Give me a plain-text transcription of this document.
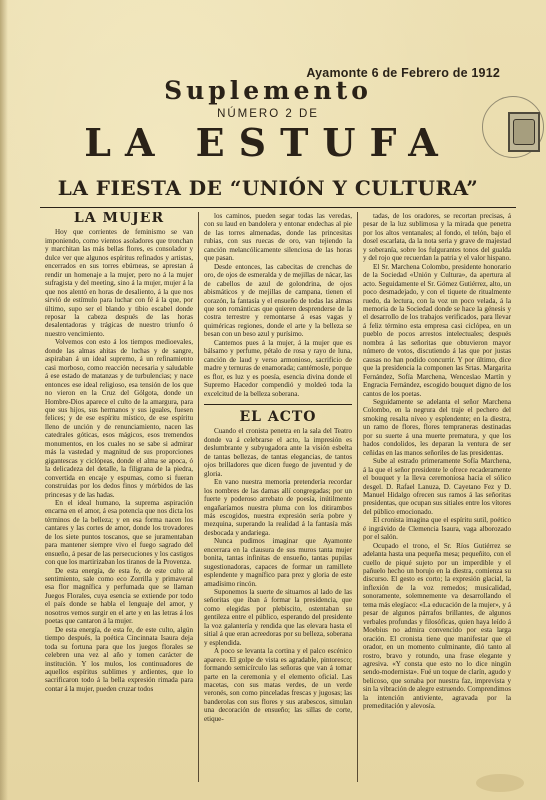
Ayamonte 6 de Febrero de 1912
Suplemento
NÚMERO 2 DE
LA ESTUFA
LA FIESTA DE “UNIÓN Y CULTURA”
LA MUJER

Hoy que corrientes de feminismo se van imponiendo, como vientos asoladores que tronchan y marchitan las más bellas flores, es consolador y dulce ver que algunos espíritus refinados y artistas, encerrados en sus torres ebúrneas, se aprestan á rendir un homenaje a la mujer, pero no á la mujer sufragista y del meeting, sino á la mujer, mujer á la que nos alentó en horas de desaliento, á la que nos sirvió de estímulo para luchar con fé á la que, por último, supo ser el blando y tibio escabel donde reposar la cabeza después de las horas desalentadoras y trágicas de nuestro triunfo ó nuestro vencimiento.

Volvemos con esto á los tiempos medioevales, donde las almas ahitas de luchas y de sangre, aspiraban á un ideal supremo, á un refinamiento casi morboso, como reacción necesaria y saludable á ese estado de matanzas y de turbulencias; y nace entonces ese ideal religioso, esa tensión de los que no vieron en la Cruz del Gólgota, donde un Hombre-Dios aparece el culto de la amargura, para que sus hijos, sus hermanos y sus iguales, fuesen felices; y de ese espíritu místico, de ese espíritu lleno de unción y de renunciamiento, nacen las catedrales góticas, esos mágicos, esos tremendos monumentos, en los cuales no se sabe si admirar más la vastedad y magnitud de sus proporciones gigantescas y ciclópeas, donde el alma se apoca, ó la delicadeza del detalle, la filigrana de la piedra, convertida en encaje y espumas, como si fueran construidas por los dedos finos y mórbidos de las princesas y de las hadas.

En el ideal humano, la suprema aspiración encarna en el amor, á esa potencia que nos dicta los términos de la belleza; y en esa forma nacen los cantares y las cortes de amor, donde los trovadores de los siete puntos toscanos, que se juramentaban para mantener siempre vivo el fuego sagrado del ensueño, á pesar de las persecuciones y los castigos con que los martirizaban los tiranos de la Provenza.

De esta energía, de esta fe, de este culto al sentimiento, sale como eco Zorrilla y primaveral esa flor magnífica y perfumada que se llaman Juegos Florales, cuya esencia se extiende por todo el país donde se habla el lenguaje del amor, y nosotros vemos surgir en el arte y en las letras á los poetas que cantaron á la mujer.

De esta energía, de esta fe, de este culto, algún tiempo después, la poética Cincinnata Isaura deja toda su fortuna para que los juegos florales se celebren una vez al año y tomen carácter de institución. Y los mulos, los continuadores de aquellos espíritus sublimes y ardientes, que lo sacrificaron todo á la bella expresión rimada para contar á la mujer, pueden cruzar todos

los caminos, pueden segar todas las veredas, con su laud en bandolera y entonar endechas al pie de las torres almenadas, donde las princesitas rubias, con sus ruecas de oro, van tejiendo la canción melancólicamente silenciosa de las horas que pasan.

Desde entonces, las cabecitas de crenchas de oro, de ojos de esmeralda y de mejillas de nácar, las de cabellos de azul de golondrina, de ojos abismáticos y de mejillas de campana, tienen el corazón, la fantasía y el ensueño de todas las almas que son románticas que quieren desprenderse de la costra terrestre y remontarse á esas vagas y quiméricas regiones, donde el arte y la belleza se besan con un beso azul y purísimo.

Cantemos pues á la mujer, á la mujer que es bálsamo y perfume, pétalo de rosa y rayo de luna, canción de laud y verso armonioso, sacrificio de madre y ternuras de enamorada; cantémosle, porque es flor, es luz y es poesía, esencia divina donde el Supremo Hacedor compendió y moldeó toda la excelcitud de la belleza soberana.

EL ACTO

Cuando el cronista penetra en la sala del Teatro donde va á celebrarse el acto, la impresión es deslumbrante y subyugadora ante la visión esbelta de tantas bellezas, de tantas elegancias, de tantos ojos brilladores que dicen fuego de juventud y de gloria.

En vano nuestra memoria pretendería recordar los nombres de las damas allí congregadas; por un fuerte y poderoso arrebato de poesía, inútilmente engañaríamos nuestra pluma con los ditirambos más escogidos, nuestra expresión sería pobre y mezquina, superando la realidad á la fantasía más desbocada y andariega.

Nunca pudimos imaginar que Ayamonte encerrara en la clausura de sus muros tanta mujer bonita, tantas infinitas de ensueño, tantas pupilas sugestionadoras, capaces de formar un ramillete esplendente y magnífico para prez y gloria de este amadísimo rincón.

Suponemos la suerte de situarnos al lado de las señoritas que iban á formar la presidencia, que como elegidas por plebiscito, ostentaban su gentileza entre el público, esperando del presidente la voz galantería y rendida que las elevara hasta el sitial á que eran acreedoras por su belleza, soberana y esplendida.

A poco se levanta la cortina y el palco escénico aparece. El golpe de vista es agradable, pintoresco; formando semicírculo las señoras que van á tomar parte en la ceremonia y el elemento oficial. Las macetas, con sus matas verdes, de un verde veronés, son como pinceladas frescas y jugosas; las banderolas con sus flores y sus arabescos, simulan una decoración de ensueño; las sillas de corte, etique-

tadas, de los oradores, se recortan precisas, á pesar de la luz sublimosa y la mirada que penetra por los altos ventanales; al fondo, el telón, bajo el dosel escarlata, da la nota seria y grave de majestad y soberanía, sobre los fulgurantes tonos del gualda y del rojo que recuerdan la patria y el valor hispano.

El Sr. Marchena Colombo, presidente honorario de la Sociedad «Unión y Cultura», da apertura al acto. Seguidamente el Sr. Gómez Gutiérrez, alto, un poco desmadejado, y con el tiquete de ritualmente ruedo, da lectura, con la voz un poco velada, á la memoria de la Sociedad donde se hace la génesis y el desarrollo de los trabajos verificados, para llevar á feliz término esta empresa casi ciclópea, en un pueblo de pocos arrestos intelectuales; después nombra á las señoritas que obtuvieron mayor número de votos, discutiendo á las que por justas causas no han podido concurrir. Y por último, dice que la presidencia la componen las Srtas. Margarita Fernández, Sofía Marchena, Wenceslao Martín y Engracia Fernández, escogido bouquet digno de los cantos de los poetas.

Seguidamente se adelanta el señor Marchena Colombo, en la negrura del traje el pechero del smoking resalta níveo y esplendente; en la diestra, un ramo de flores, flores tempraneras destinadas por su suerte á una muerte prematura, y que los hados condolidos, les deparan la ventura de ser ceñidas en las manos señoriles de las presidentas.

Sube al estrado primeramente Sofía Marchena, á la que el señor presidente le ofrece recaderamente el bouquet y la lleva ceremoniosa hacia el sólico desgel. D. Rafael Lanuza, D. Cayetano Fez y D. Manuel Hidalgo ofrecen sus ramos á las señoritas presidentas, que ocupan sus sitiales entre los vítores del público emocionado.

El cronista imagina que el espíritu sutil, poético é ingrávido de Clemencia Isaura, vaga alborozado por el salón.

Ocupado el trono, el Sr. Ríos Gutiérrez se adelanta hasta una pequeña mesa; pequeñito, con el cuello de piqué sujeto por un imperdible y el pañuelo hecho un borujo en la diestra, comienza su discurso. El gesto es corto; la expresión glacial, la inflexión de la voz remedos; musicalidad, sonoramente, solemnemente va desarrollando el tema más elegíaco: «La educación de la mujer», y á pesar de algunos párrafos brillantes, de algunos verbales profundas y filosóficas, quien haya leído á Moebius no admira convencido por esta larga oración. El cronista tiene que manifestar que el orador, en un momento culminante, dió tanto al rostro, bravo y rotundo, una frase elegante y agresiva. «Y consta que esto no lo dice ningún sendo-modernista». Fué un toque de clarín, agudo y belicoso, que sonaba por nuestra faz, imprevista y sin la vibración de alegre estruendo. Comprendimos la intención antiviente, agravada por la premeditación y alevosía.
